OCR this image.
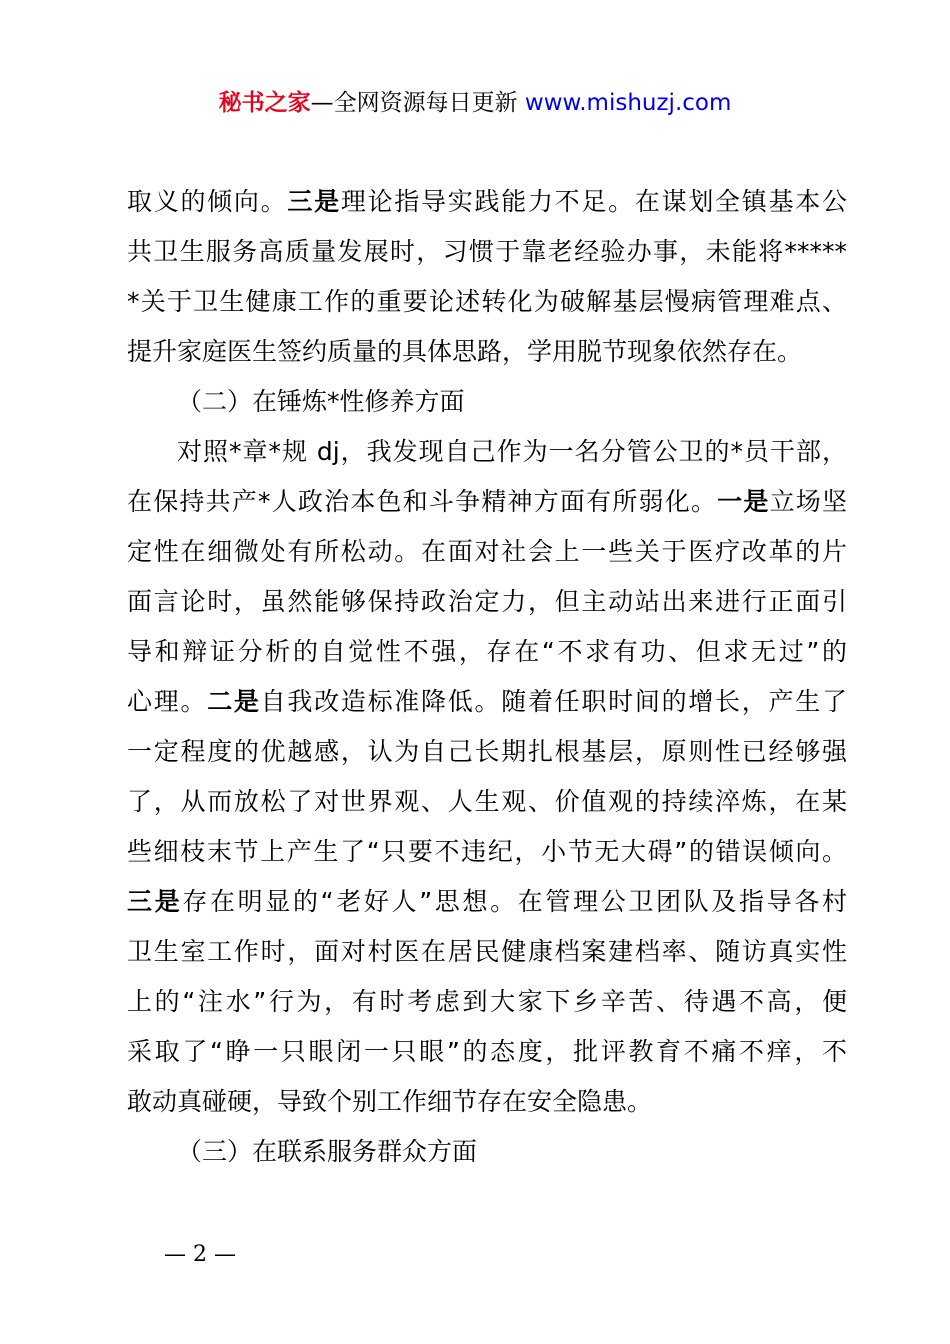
秘书之家—全网资源每日更新 www.mishuzj.com
取义的倾向。三是理论指导实践能力不足。在谋划全镇基本公
共卫生服务高质量发展时，习惯于靠老经验办事，未能将*****
*关于卫生健康工作的重要论述转化为破解基层慢病管理难点、
提升家庭医生签约质量的具体思路，学用脱节现象依然存在。
（二）在锤炼*性修养方面
对照*章*规 dj，我发现自己作为一名分管公卫的*员干部，
在保持共产*人政治本色和斗争精神方面有所弱化。一是立场坚
定性在细微处有所松动。在面对社会上一些关于医疗改革的片
面言论时，虽然能够保持政治定力，但主动站出来进行正面引
导和辩证分析的自觉性不强，存在“不求有功、但求无过”的
心理。二是自我改造标准降低。随着任职时间的增长，产生了
一定程度的优越感，认为自己长期扎根基层，原则性已经够强
了，从而放松了对世界观、人生观、价值观的持续淬炼，在某
些细枝末节上产生了“只要不违纪，小节无大碍”的错误倾向。
三是存在明显的“老好人”思想。在管理公卫团队及指导各村
卫生室工作时，面对村医在居民健康档案建档率、随访真实性
上的“注水”行为，有时考虑到大家下乡辛苦、待遇不高，便
采取了“睁一只眼闭一只眼”的态度，批评教育不痛不痒，不
敢动真碰硬，导致个别工作细节存在安全隐患。
（三）在联系服务群众方面
— 2 —
